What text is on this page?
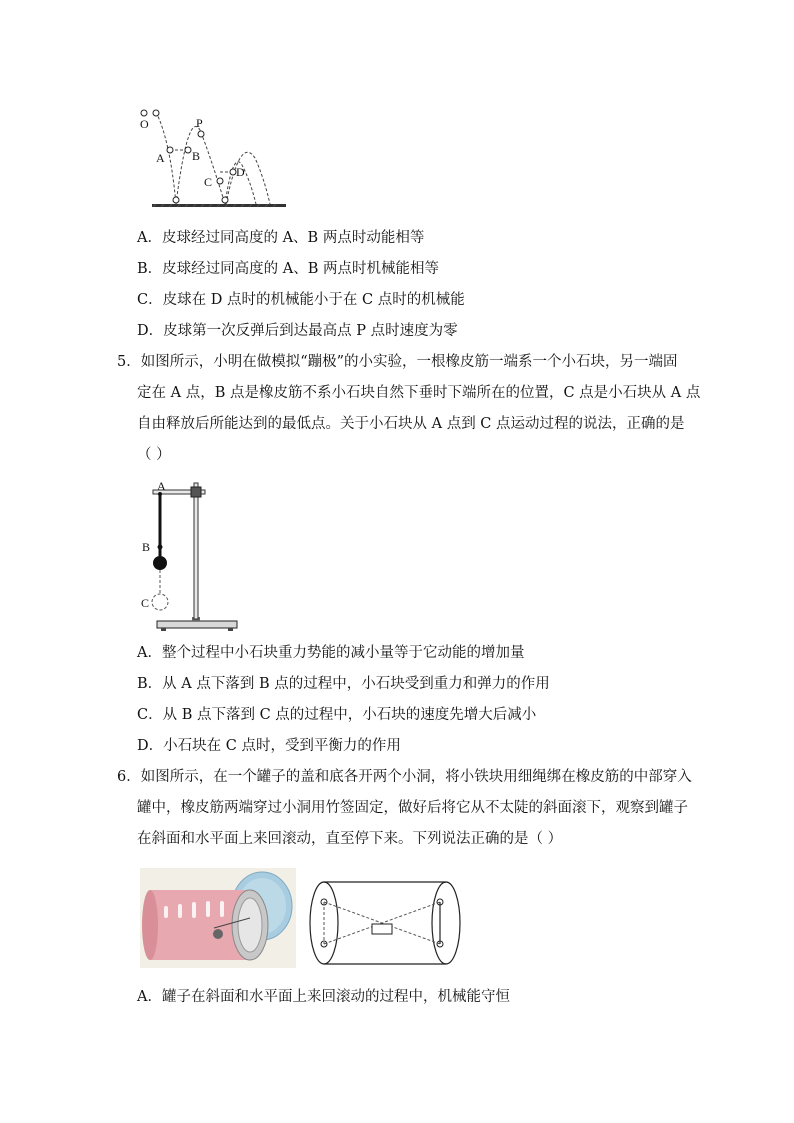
O	P
A B
C
D
A．皮球经过同高度的 A、B 两点时动能相等
B．皮球经过同高度的 A、B 两点时机械能相等
C．皮球在 D 点时的机械能小于在 C 点时的机械能
D．皮球第一次反弹后到达最高点 P 点时速度为零
5．如图所示，小明在做模拟“蹦极”的小实验，一根橡皮筋一端系一个小石块，另一端固
定在 A 点，B 点是橡皮筋不系小石块自然下垂时下端所在的位置，C 点是小石块从 A 点
自由释放后所能达到的最低点。关于小石块从 A 点到 C 点运动过程的说法，正确的是
（ ）
A
B
C
A．整个过程中小石块重力势能的减小量等于它动能的增加量
B．从 A 点下落到 B 点的过程中，小石块受到重力和弹力的作用
C．从 B 点下落到 C 点的过程中，小石块的速度先增大后减小
D．小石块在 C 点时，受到平衡力的作用
6．如图所示，在一个罐子的盖和底各开两个小洞，将小铁块用细绳绑在橡皮筋的中部穿入
罐中，橡皮筋两端穿过小洞用竹签固定，做好后将它从不太陡的斜面滚下，观察到罐子
在斜面和水平面上来回滚动，直至停下来。下列说法正确的是（ ）
A．罐子在斜面和水平面上来回滚动的过程中，机械能守恒
